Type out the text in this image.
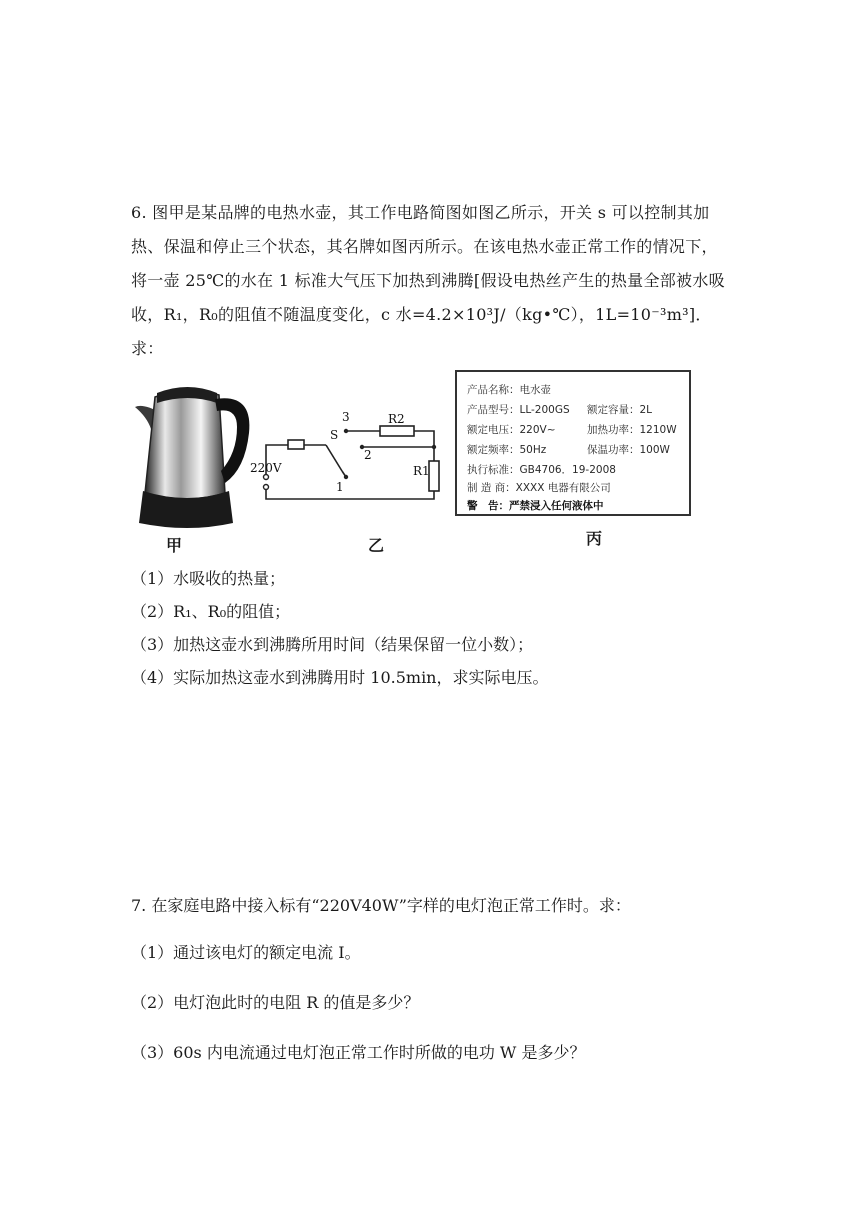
6. 图甲是某品牌的电热水壶，其工作电路简图如图乙所示，开关 s 可以控制其加热、保温和停止三个状态，其名牌如图丙所示。在该电热水壶正常工作的情况下，将一壶 25℃的水在 1 标准大气压下加热到沸腾[假设电热丝产生的热量全部被水吸收，R₁，R₀的阻值不随温度变化，c 水=4.2×10³J/（kg•℃），1L=10⁻³m³]．求：
甲
220V
S
1
2
3	R2
R1
乙
产品名称：电水壶
产品型号：LL-200GS 额定容量：2L
额定电压：220V~	加热功率：1210W
额定频率：50Hz	保温功率：100W
执行标准：GB4706．19-2008
制 造 商：XXXX 电器有限公司
警　告：严禁浸入任何液体中
丙
（1）水吸收的热量；
（2）R₁、R₀的阻值；
（3）加热这壶水到沸腾所用时间（结果保留一位小数）；
（4）实际加热这壶水到沸腾用时 10.5min，求实际电压。
7. 在家庭电路中接入标有“220V40W”字样的电灯泡正常工作时。求：
（1）通过该电灯的额定电流 I。
（2）电灯泡此时的电阻 R 的值是多少？
（3）60s 内电流通过电灯泡正常工作时所做的电功 W 是多少？
